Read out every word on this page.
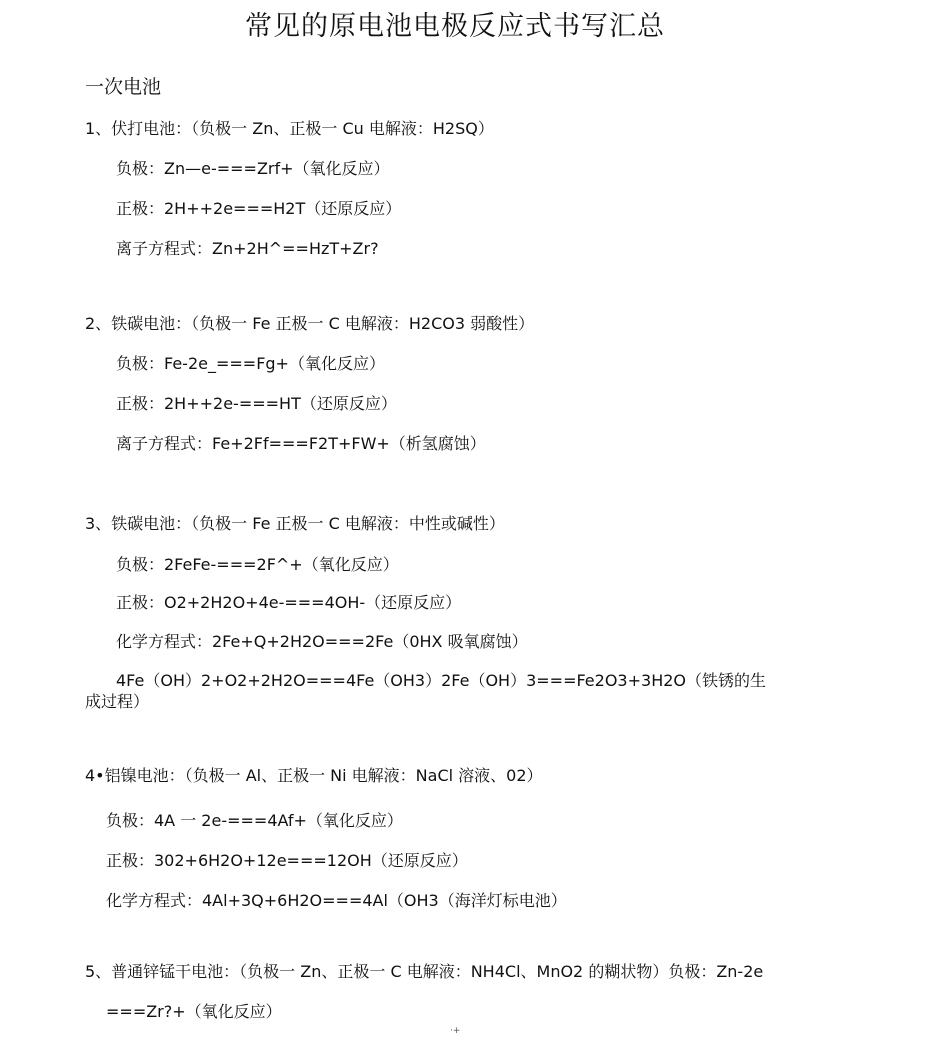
常见的原电池电极反应式书写汇总
一次电池
1、伏打电池：（负极一 Zn、正极一 Cu 电解液：H2SQ）
负极：Zn—e-===Zrf+（氧化反应）
正极：2H++2e===H2T（还原反应）
离子方程式：Zn+2H^==HzT+Zr?
2、铁碳电池：（负极一 Fe 正极一 C 电解液：H2CO3 弱酸性）
负极：Fe-2e_===Fg+（氧化反应）
正极：2H++2e-===HT（还原反应）
离子方程式：Fe+2Ff===F2T+FW+（析氢腐蚀）
3、铁碳电池：（负极一 Fe 正极一 C 电解液：中性或碱性）
负极：2FeFe-===2F^+（氧化反应）
正极：O2+2H2O+4e-===4OH-（还原反应）
化学方程式：2Fe+Q+2H2O===2Fe（0HX 吸氧腐蚀）
4Fe（OH）2+O2+2H2O===4Fe（OH3）2Fe（OH）3===Fe2O3+3H2O（铁锈的生
成过程）
4•铝镍电池：（负极一 Al、正极一 Ni 电解液：NaCl 溶液、02）
负极：4A 一 2e-===4Af+（氧化反应）
正极：302+6H2O+12e===12OH（还原反应）
化学方程式：4Al+3Q+6H2O===4Al（OH3（海洋灯标电池）
5、普通锌锰干电池：（负极一 Zn、正极一 C 电解液：NH4Cl、MnO2 的糊状物）负极：Zn-2e
===Zr?+（氧化反应）
·+
